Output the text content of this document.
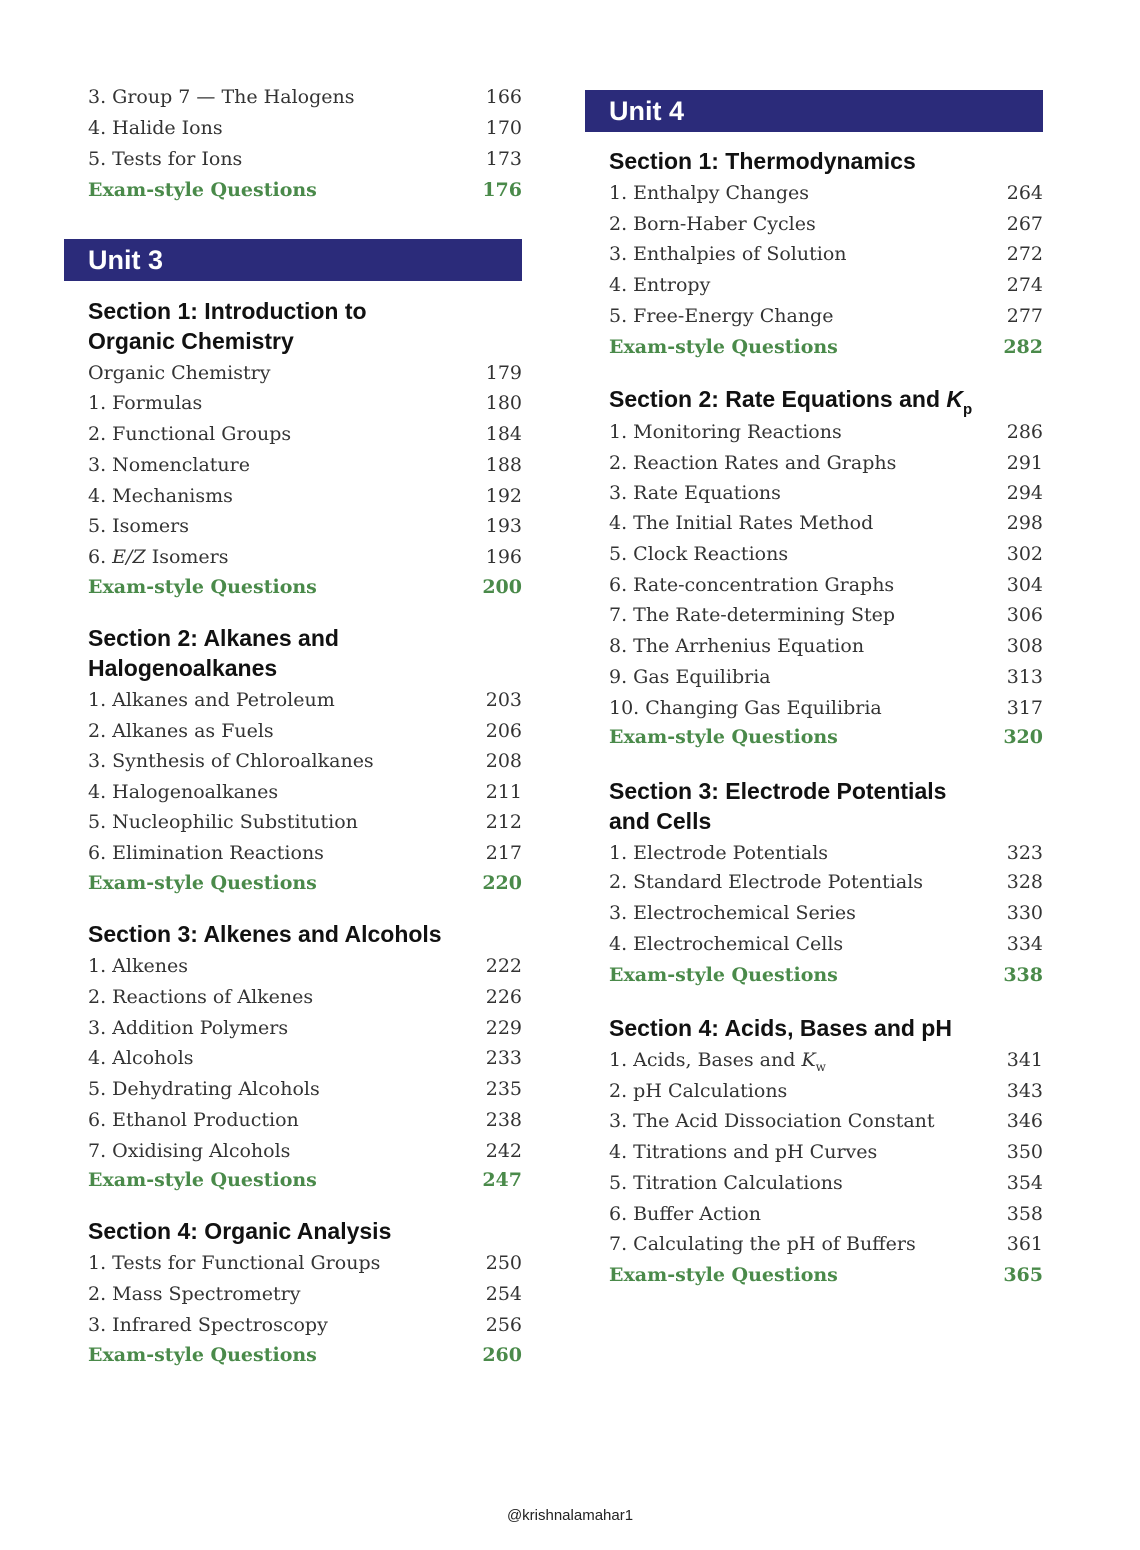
3. Group 7 — The Halogens	166
4. Halide Ions	170
5. Tests for Ions	173
Exam-style Questions	176
Unit 3
Section 1: Introduction to
Organic Chemistry
Organic Chemistry	179
1. Formulas	180
2. Functional Groups	184
3. Nomenclature	188
4. Mechanisms	192
5. Isomers	193
6. E/Z Isomers	196
Exam-style Questions	200
Section 2: Alkanes and
Halogenoalkanes
1. Alkanes and Petroleum	203
2. Alkanes as Fuels	206
3. Synthesis of Chloroalkanes	208
4. Halogenoalkanes	211
5. Nucleophilic Substitution	212
6. Elimination Reactions	217
Exam-style Questions	220
Section 3: Alkenes and Alcohols
1. Alkenes	222
2. Reactions of Alkenes	226
3. Addition Polymers	229
4. Alcohols	233
5. Dehydrating Alcohols	235
6. Ethanol Production	238
7. Oxidising Alcohols	242
Exam-style Questions	247
Section 4: Organic Analysis
1. Tests for Functional Groups	250
2. Mass Spectrometry	254
3. Infrared Spectroscopy	256
Exam-style Questions	260
Unit 4
Section 1: Thermodynamics
1. Enthalpy Changes	264
2. Born-Haber Cycles	267
3. Enthalpies of Solution	272
4. Entropy	274
5. Free-Energy Change	277
Exam-style Questions	282
Section 2: Rate Equations and $K_p$
1. Monitoring Reactions	286
2. Reaction Rates and Graphs	291
3. Rate Equations	294
4. The Initial Rates Method	298
5. Clock Reactions	302
6. Rate-concentration Graphs	304
7. The Rate-determining Step	306
8. The Arrhenius Equation	308
9. Gas Equilibria	313
10. Changing Gas Equilibria	317
Exam-style Questions	320
Section 3: Electrode Potentials
and Cells
1. Electrode Potentials	323
2. Standard Electrode Potentials	328
3. Electrochemical Series	330
4. Electrochemical Cells	334
Exam-style Questions	338
Section 4: Acids, Bases and pH
1. Acids, Bases and $K_w$	341
2. pH Calculations	343
3. The Acid Dissociation Constant	346
4. Titrations and pH Curves	350
5. Titration Calculations	354
6. Buffer Action	358
7. Calculating the pH of Buffers	361
Exam-style Questions	365
@krishnalamahar1
